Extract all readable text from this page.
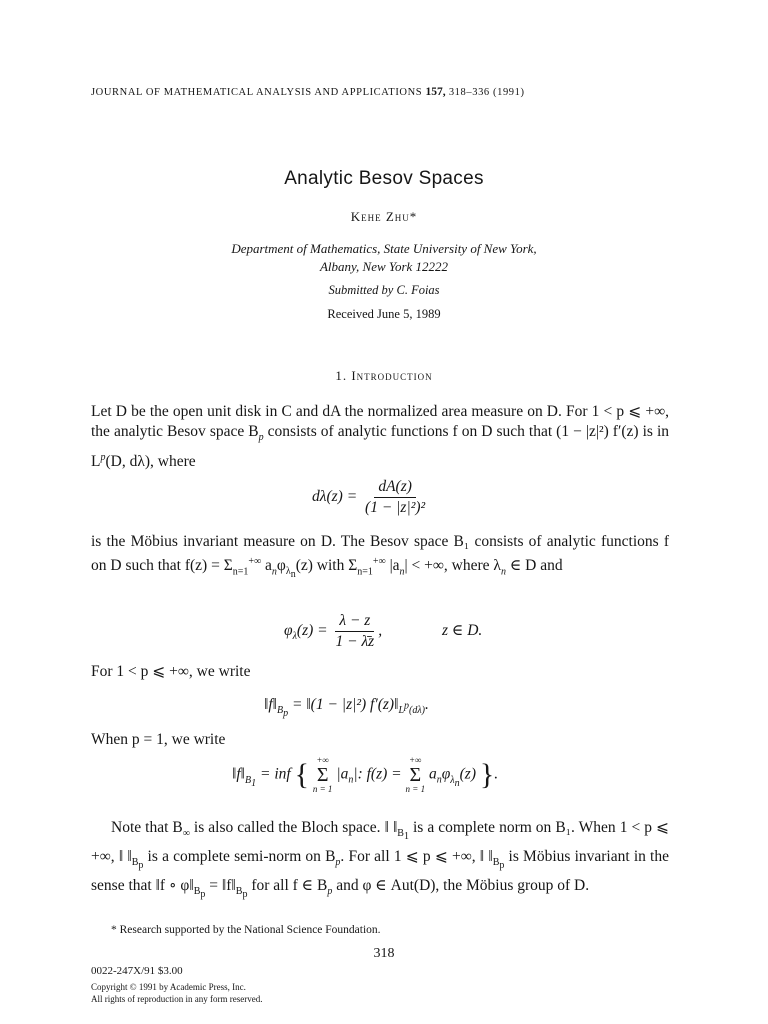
JOURNAL OF MATHEMATICAL ANALYSIS AND APPLICATIONS 157, 318–336 (1991)
Analytic Besov Spaces
Kehe Zhu*
Department of Mathematics, State University of New York,
Albany, New York 12222
Submitted by C. Foias
Received June 5, 1989
1. Introduction
Let D be the open unit disk in C and dA the normalized area measure on D. For 1 < p ⩽ +∞, the analytic Besov space $B_p$ consists of analytic functions f on D such that (1 − |z|²) f′(z) is in $L^p(D$, dλ), where
$d\lambda(z) = \frac{dA(z)}{\text{(1 − |z|²)²}}$
is the Möbius invariant measure on D. The Besov space B₁ consists of analytic functions f on D such that $f(z) = \Sigma_{n=1}^{+\infty}$ $a_n\varphi_{\lambda_n}(z)$ with $\Sigma_{n=1}^{+\infty}$ $|a_n|$ < +∞, where $\lambda_n$ ∈ D and
$\varphi_\lambda(z) = \frac{\lambda - z}{1 - \lambdāz}$ ,	z ∈ D.
For 1 < p ⩽ +∞, we write
$‖f‖_{B_p}$ = ‖(1 − |z|²) $f'(z)‖_{L^p(d\lambda)}$.
When p = 1, we write
$‖f‖_{B_1}$ = inf { +∞
Σ
n = 1
$|a_n|$: f(z) =
+∞
Σ
n = 1
$a_n\varphi_{\lambda_n}(z)$ }.
Note that $B_\infty$ is also called the Bloch space. ‖ $‖_{B_1}$ is a complete norm on B₁. When 1 < p ⩽ +∞, ‖ $‖_{B_p}$ is a complete semi-norm on $B_p$. For all 1 ⩽ p ⩽ +∞, ‖ $‖_{B_p}$ is Möbius invariant in the sense that ‖f ∘ $\varphi‖_{B_p}$ = $‖f‖_{B_p}$ for all f ∈ $B_p$ and φ ∈ Aut(D), the Möbius group of D.
* Research supported by the National Science Foundation.
318
0022-247X/91 $3.00
Copyright © 1991 by Academic Press, Inc.
All rights of reproduction in any form reserved.
